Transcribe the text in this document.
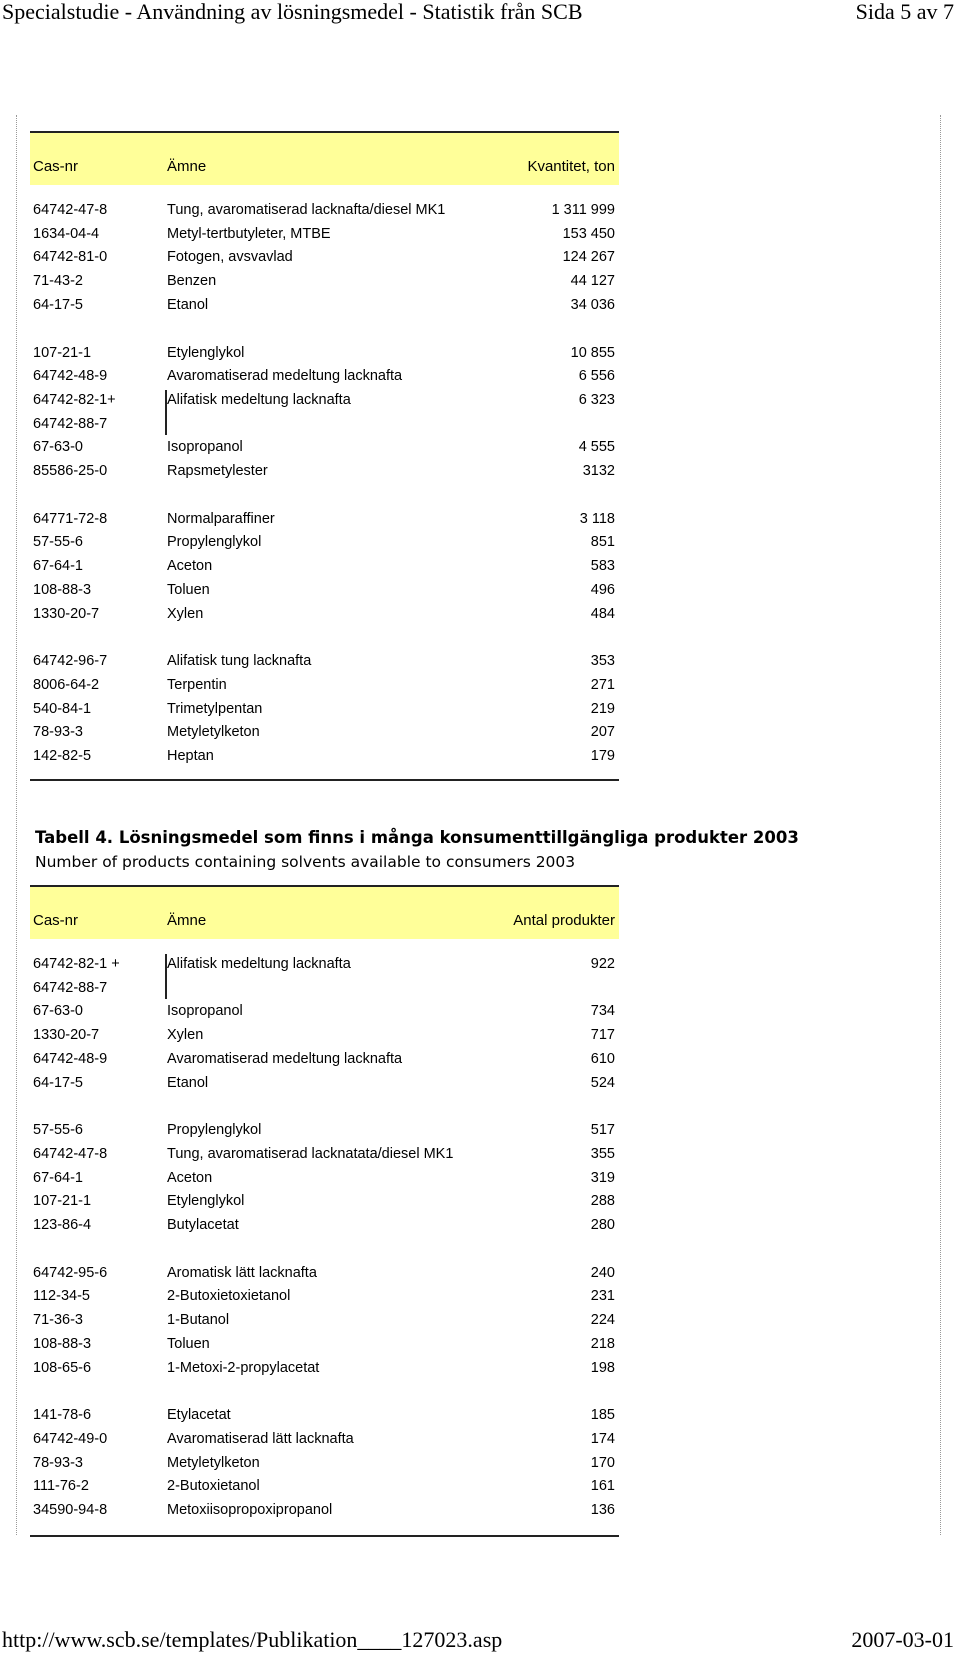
Specialstudie - Användning av lösningsmedel - Statistik från SCB	Sida 5 av 7
Cas-nr	Ämne	Kvantitet, ton
64742-47-8	Tung, avaromatiserad lacknafta/diesel MK1	1 311 999
1634-04-4	Metyl-tertbutyleter, MTBE	153 450
64742-81-0	Fotogen, avsvavlad	124 267
71-43-2	Benzen	44 127
64-17-5	Etanol	34 036
107-21-1	Etylenglykol	10 855
64742-48-9	Avaromatiserad medeltung lacknafta	6 556
64742-82-1+	Alifatisk medeltung lacknafta	6 323
64742-88-7
67-63-0	Isopropanol	4 555
85586-25-0	Rapsmetylester	3132
64771-72-8	Normalparaffiner	3 118
57-55-6	Propylenglykol	851
67-64-1	Aceton	583
108-88-3	Toluen	496
1330-20-7	Xylen	484
64742-96-7	Alifatisk tung lacknafta	353
8006-64-2	Terpentin	271
540-84-1	Trimetylpentan	219
78-93-3	Metyletylketon	207
142-82-5	Heptan	179
Tabell 4. Lösningsmedel som finns i många konsumenttillgängliga produkter 2003
Number of products containing solvents available to consumers 2003
Cas-nr	Ämne	Antal produkter
64742-82-1 +	Alifatisk medeltung lacknafta	922
64742-88-7
67-63-0	Isopropanol	734
1330-20-7	Xylen	717
64742-48-9	Avaromatiserad medeltung lacknafta	610
64-17-5	Etanol	524
57-55-6	Propylenglykol	517
64742-47-8	Tung, avaromatiserad lacknatata/diesel MK1	355
67-64-1	Aceton	319
107-21-1	Etylenglykol	288
123-86-4	Butylacetat	280
64742-95-6	Aromatisk lätt lacknafta	240
112-34-5	2-Butoxietoxietanol	231
71-36-3	1-Butanol	224
108-88-3	Toluen	218
108-65-6	1-Metoxi-2-propylacetat	198
141-78-6	Etylacetat	185
64742-49-0	Avaromatiserad lätt lacknafta	174
78-93-3	Metyletylketon	170
111-76-2	2-Butoxietanol	161
34590-94-8	Metoxiisopropoxipropanol	136
http://www.scb.se/templates/Publikation____127023.asp	2007-03-01
